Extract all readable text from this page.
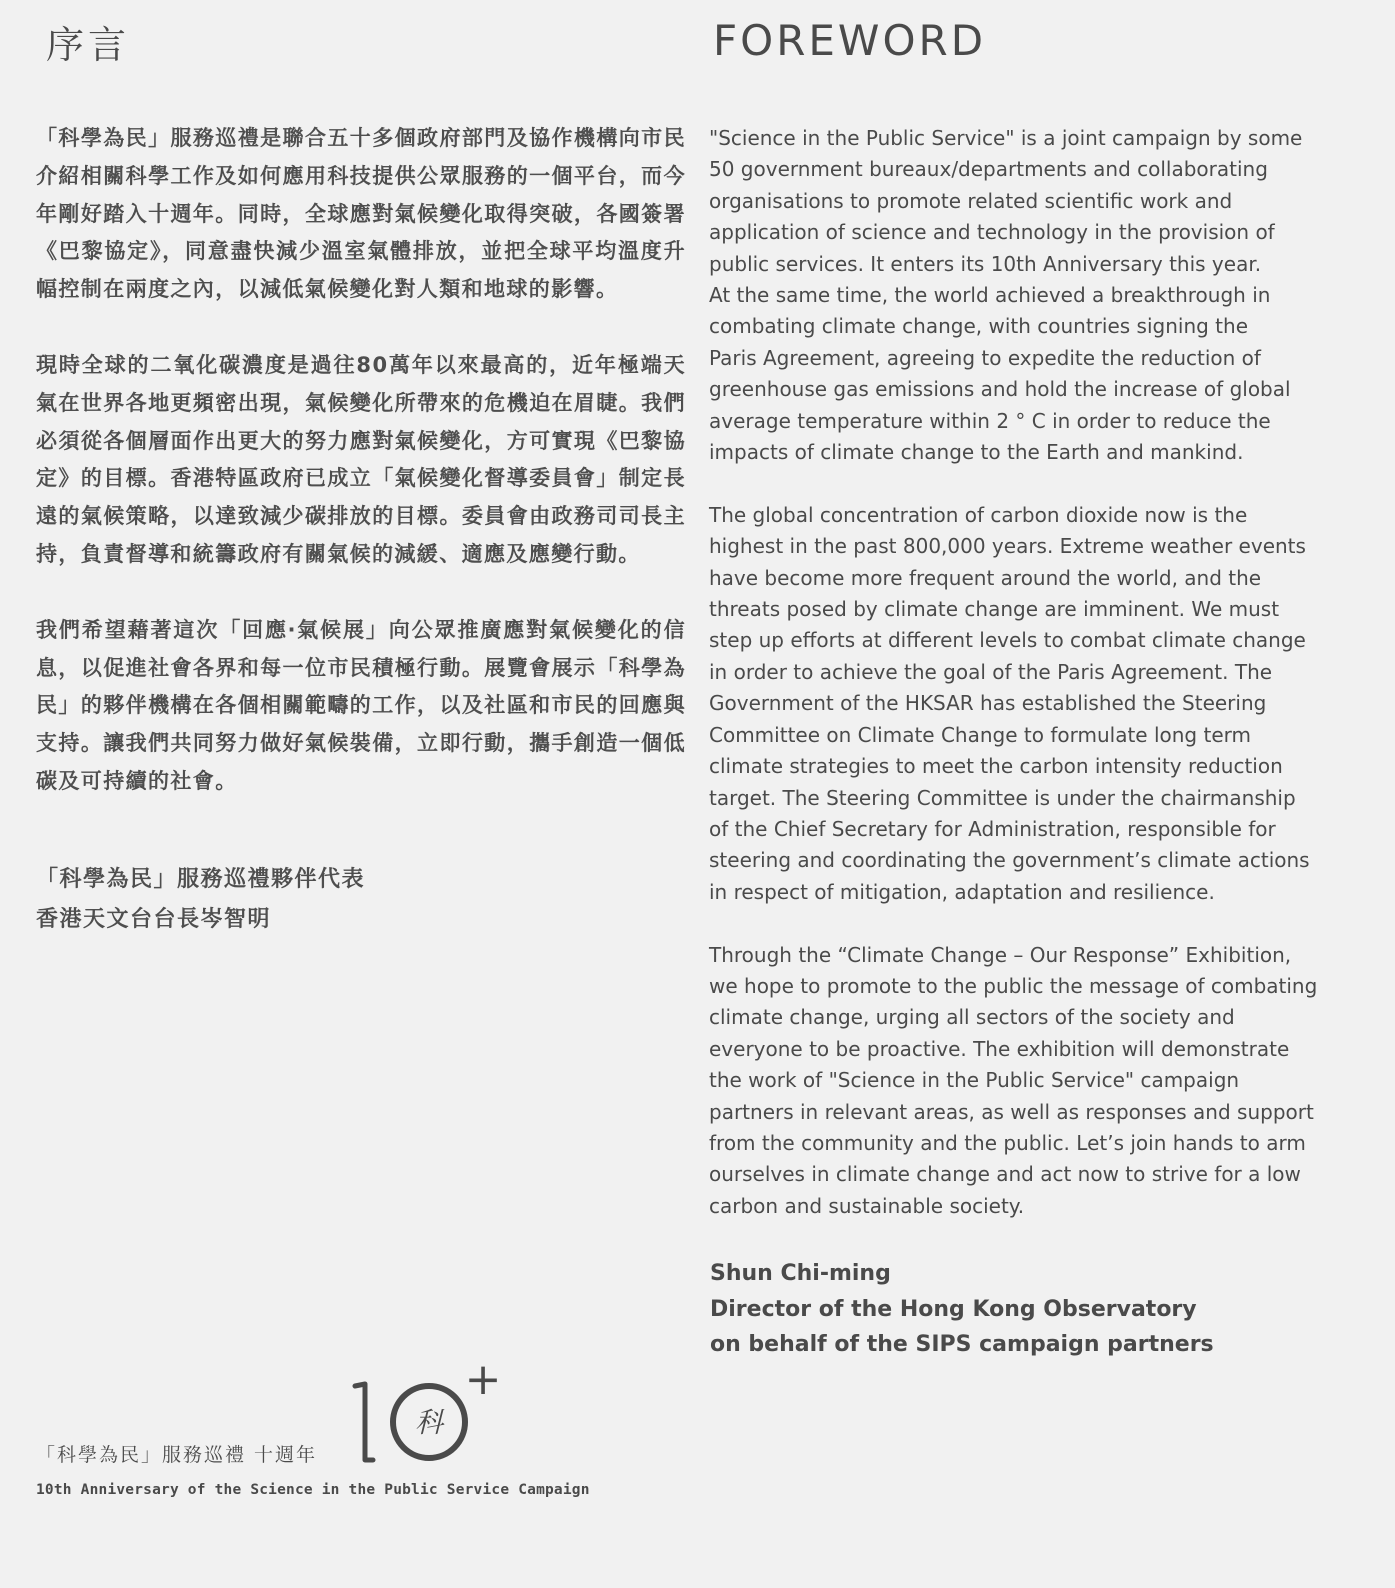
序言

「科學為民」服務巡禮是聯合五十多個政府部門及協作機構向市民介紹相關科學工作及如何應用科技提供公眾服務的一個平台，而今年剛好踏入十週年。同時，全球應對氣候變化取得突破，各國簽署《巴黎協定》，同意盡快減少溫室氣體排放，並把全球平均溫度升幅控制在兩度之內，以減低氣候變化對人類和地球的影響。

現時全球的二氧化碳濃度是過往80萬年以來最高的，近年極端天氣在世界各地更頻密出現，氣候變化所帶來的危機迫在眉睫。我們必須從各個層面作出更大的努力應對氣候變化，方可實現《巴黎協定》的目標。香港特區政府已成立「氣候變化督導委員會」制定長遠的氣候策略，以達致減少碳排放的目標。委員會由政務司司長主持，負責督導和統籌政府有關氣候的減緩、適應及應變行動。

我們希望藉著這次「回應‧氣候展」向公眾推廣應對氣候變化的信息，以促進社會各界和每一位市民積極行動。展覽會展示「科學為民」的夥伴機構在各個相關範疇的工作，以及社區和市民的回應與支持。讓我們共同努力做好氣候裝備，立即行動，攜手創造一個低碳及可持續的社會。

「科學為民」服務巡禮夥伴代表
香港天文台台長岑智明
「科學為民」服務巡禮 十週年
10th Anniversary of the Science in the Public Service Campaign
科
+
FOREWORD

"Science in the Public Service" is a joint campaign by some
50 government bureaux/departments and collaborating
organisations to promote related scientific work and
application of science and technology in the provision of
public services. It enters its 10th Anniversary this year.
At the same time, the world achieved a breakthrough in
combating climate change, with countries signing the
Paris Agreement, agreeing to expedite the reduction of
greenhouse gas emissions and hold the increase of global
average temperature within 2 ° C in order to reduce the
impacts of climate change to the Earth and mankind.

The global concentration of carbon dioxide now is the
highest in the past 800,000 years. Extreme weather events
have become more frequent around the world, and the
threats posed by climate change are imminent. We must
step up efforts at different levels to combat climate change
in order to achieve the goal of the Paris Agreement. The
Government of the HKSAR has established the Steering
Committee on Climate Change to formulate long term
climate strategies to meet the carbon intensity reduction
target. The Steering Committee is under the chairmanship
of the Chief Secretary for Administration, responsible for
steering and coordinating the government’s climate actions
in respect of mitigation, adaptation and resilience.

Through the “Climate Change – Our Response” Exhibition,
we hope to promote to the public the message of combating
climate change, urging all sectors of the society and
everyone to be proactive. The exhibition will demonstrate
the work of "Science in the Public Service" campaign
partners in relevant areas, as well as responses and support
from the community and the public. Let’s join hands to arm
ourselves in climate change and act now to strive for a low
carbon and sustainable society.

Shun Chi-ming
Director of the Hong Kong Observatory
on behalf of the SIPS campaign partners
